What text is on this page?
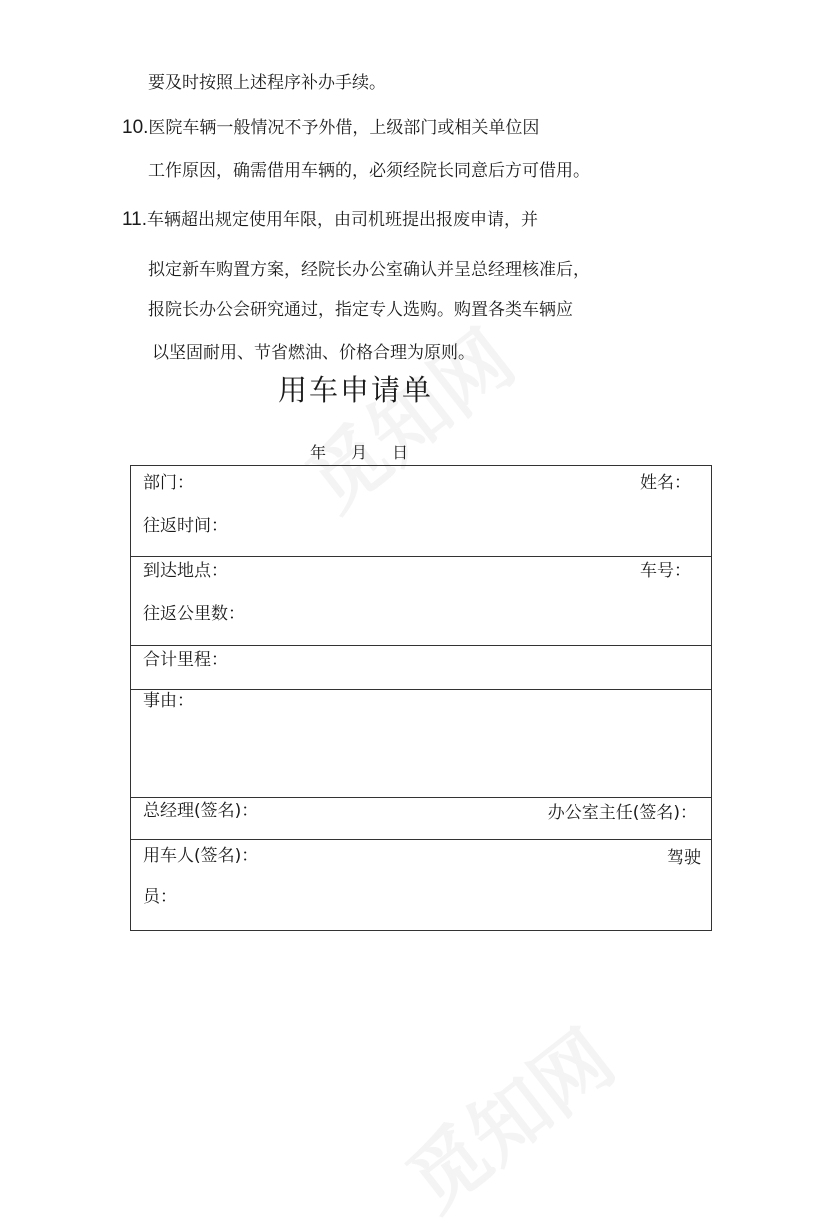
要及时按照上述程序补办手续。
10.医院车辆一般情况不予外借，上级部门或相关单位因
工作原因，确需借用车辆的，必须经院长同意后方可借用。
11.车辆超出规定使用年限，由司机班提出报废申请，并
拟定新车购置方案，经院长办公室确认并呈总经理核准后，
报院长办公会研究通过，指定专人选购。购置各类车辆应
以坚固耐用、节省燃油、价格合理为原则。
用车申请单
年 月 日
部门：	姓名：
往返时间：
到达地点：	车号：
往返公里数：
合计里程：
事由：
总经理(签名)：	办公室主任(签名)：
用车人(签名)：	驾驶
员：
